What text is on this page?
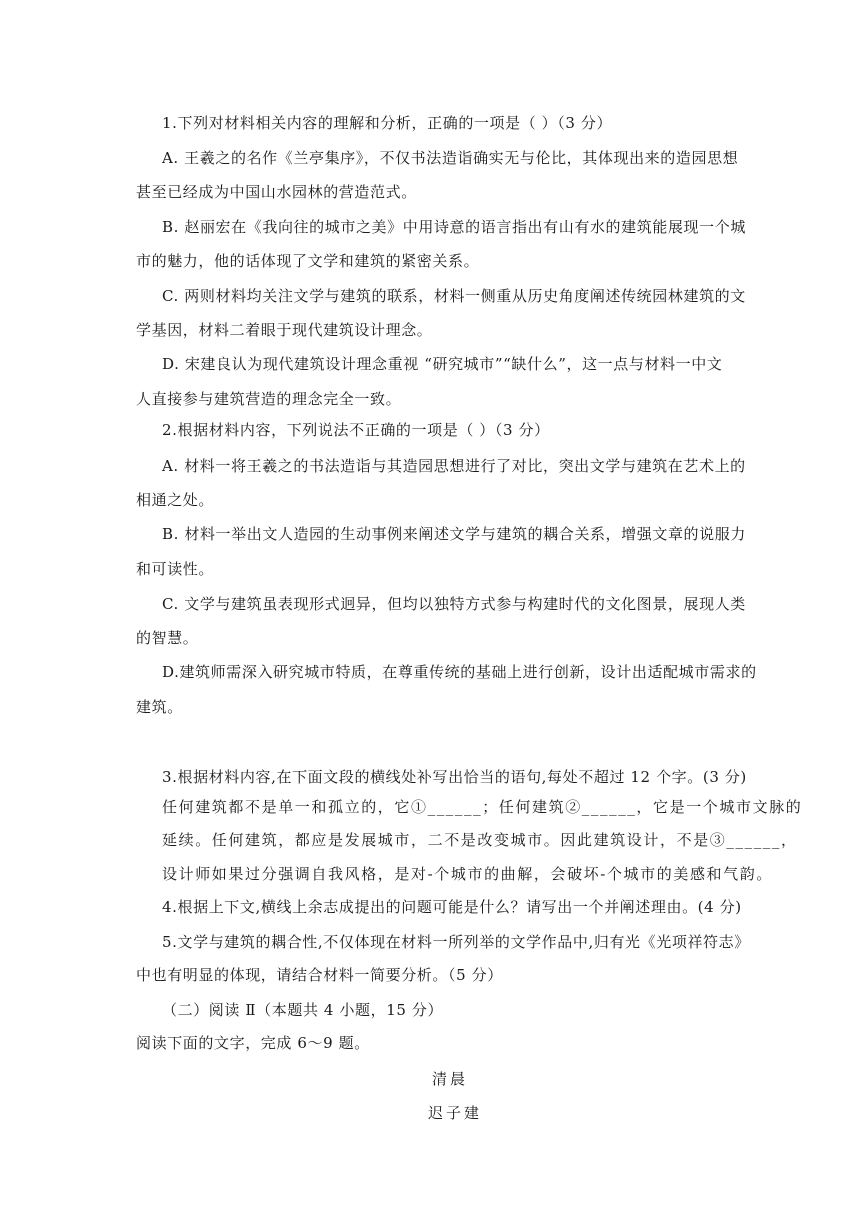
1.下列对材料相关内容的理解和分析，正确的一项是（ ）（3 分）
A. 王羲之的名作《兰亭集序》，不仅书法造诣确实无与伦比，其体现出来的造园思想
甚至已经成为中国山水园林的营造范式。
B. 赵丽宏在《我向往的城市之美》中用诗意的语言指出有山有水的建筑能展现一个城
市的魅力，他的话体现了文学和建筑的紧密关系。
C. 两则材料均关注文学与建筑的联系，材料一侧重从历史角度阐述传统园林建筑的文
学基因，材料二着眼于现代建筑设计理念。
D. 宋建良认为现代建筑设计理念重视 “研究城市”“缺什么”，这一点与材料一中文
人直接参与建筑营造的理念完全一致。
2.根据材料内容，下列说法不正确的一项是（ ）（3 分）
A. 材料一将王羲之的书法造诣与其造园思想进行了对比，突出文学与建筑在艺术上的
相通之处。
B. 材料一举出文人造园的生动事例来阐述文学与建筑的耦合关系，增强文章的说服力
和可读性。
C. 文学与建筑虽表现形式迥异，但均以独特方式参与构建时代的文化图景，展现人类
的智慧。
D.建筑师需深入研究城市特质，在尊重传统的基础上进行创新，设计出适配城市需求的
建筑。
3.根据材料内容,在下面文段的横线处补写出恰当的语句,每处不超过 12 个字。(3 分)
任何建筑都不是单一和孤立的，它①______；任何建筑②______，它是一个城市文脉的
延续。任何建筑，都应是发展城市，二不是改变城市。因此建筑设计，不是③______，
设计师如果过分强调自我风格，是对-个城市的曲解，会破坏-个城市的美感和气韵。
4.根据上下文,横线上余志成提出的问题可能是什么？请写出一个并阐述理由。(4 分)
5.文学与建筑的耦合性,不仅体现在材料一所列举的文学作品中,归有光《光项祥符志》
中也有明显的体现，请结合材料一简要分析。（5 分）
（二）阅读 Ⅱ（本题共 4 小题，15 分）
阅读下面的文字，完成 6～9 题。
清晨
迟子建
